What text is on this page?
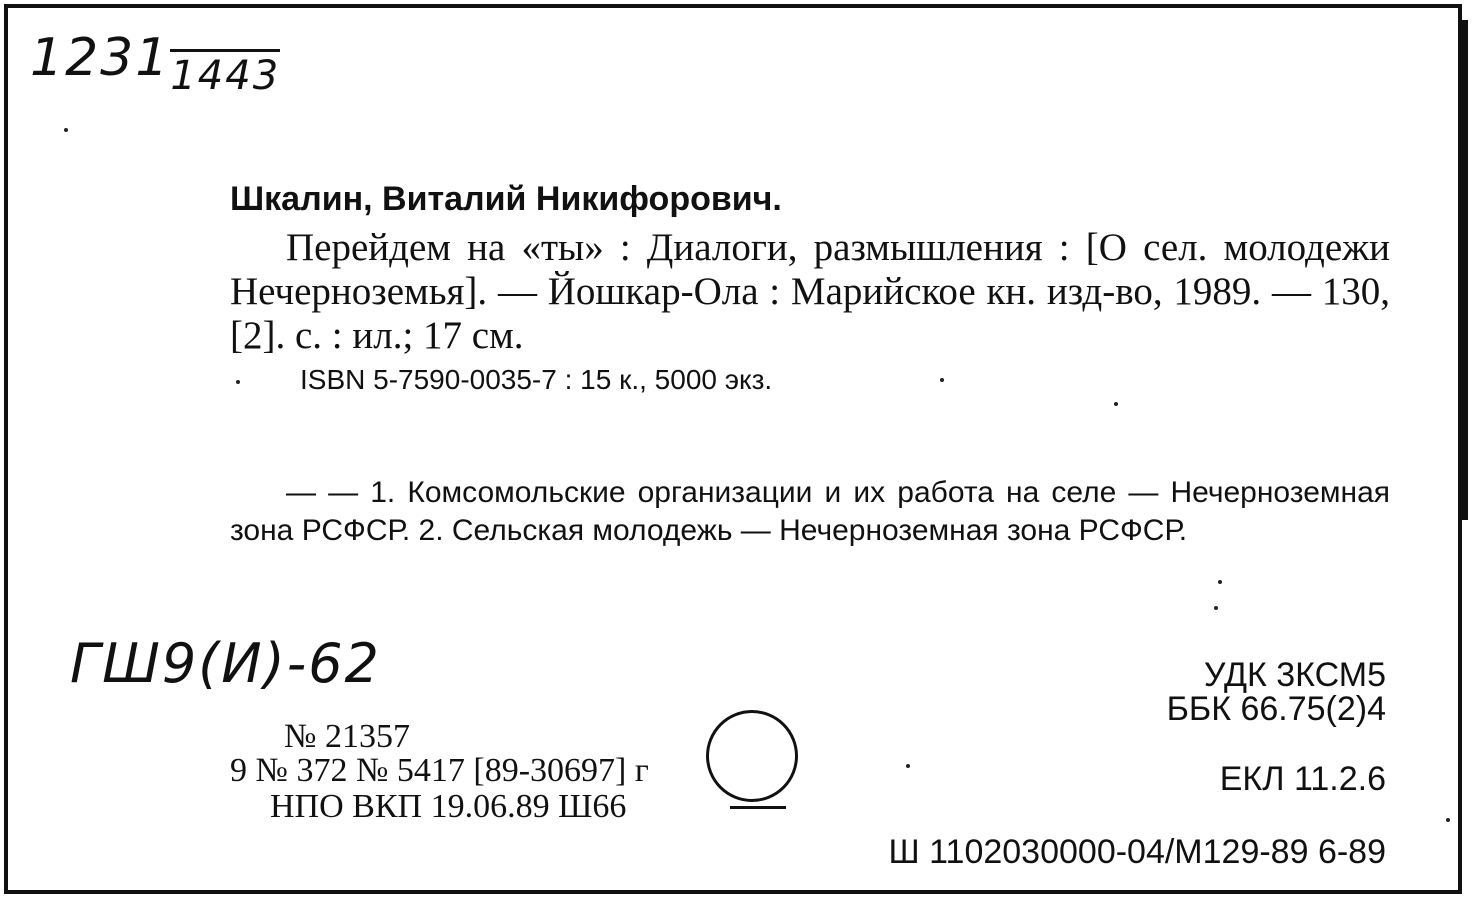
12311443
Шкалин, Виталий Никифорович.

Перейдем на «ты» : Диалоги, размышления : [О сел. молодежи Нечерноземья]. — Йошкар-Ола : Марийское кн. изд-во, 1989. — 130, [2]. с. : ил.; 17 см.

ISBN 5-7590-0035-7 : 15 к., 5000 экз.

— — 1. Комсомольские организации и их работа на селе — Нечерноземная зона РСФСР. 2. Сельская молодежь — Нечерноземная зона РСФСР.

ГШ9(И)-62	УДК 3КСМ5
ББК 66.75(2)4
ЕКЛ 11.2.6
Ш 1102030000-04/М129-89 6-89
№ 21357
9 № 372 № 5417 [89-30697] г
НПО ВКП 19.06.89 Ш66
